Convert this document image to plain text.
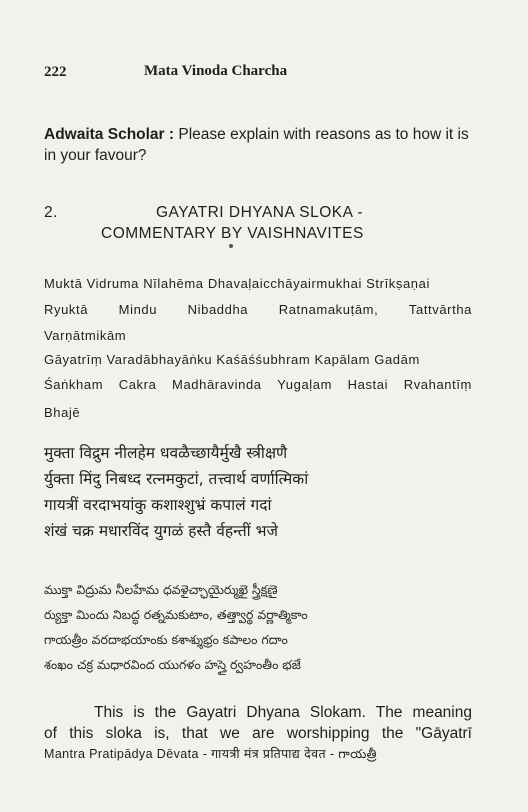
222	Mata Vinoda Charcha
Adwaita Scholar : Please explain with reasons as to how it is in your favour?
2.	GAYATRI DHYANA SLOKA -
COMMENTARY BY VAISHNAVITES
Muktā Vidruma Nīlahēma Dhavaḷaicchāyairmukhai Strīkṣaṇai
Ryuktā Mindu Nibaddha Ratnamakuṭām, Tattvārtha
Varṇātmikām
Gāyatrīṃ Varadābhayāṅku Kaśāśśubhram Kapālam Gadām
Śaṅkham Cakra Madhāravinda Yugaḷam Hastai Rvahantīṃ
Bhajē
मुक्ता विद्रुम नीलहेम धवळैच्छायैर्मुखै स्त्रीक्षणै
र्युक्ता मिंदु निबध्द रत्नमकुटां, तत्त्वार्थ वर्णात्मिकां
गायत्रीं वरदाभयांकु कशाश्शुभ्रं कपालं गदां
शंखं चक्र मधारविंद युगळं हस्तै र्वहन्तीं भजे
ముక్తా విద్రుమ నీలహేమ ధవళైచ్ఛాయైర్ముఖై స్త్రీక్షణై
ర్యుక్తా మిందు నిబద్ధ రత్నమకుటాం, తత్త్వార్థ వర్ణాత్మికాం
గాయత్రీం వరదాభయాంకు కశాశ్శుభ్రం కపాలం గదాం
శంఖం చక్ర మధారవింద యుగళం హస్తై ర్వహంతీం భజే
This is the Gayatri Dhyana Slokam. The meaning
of this sloka is, that we are worshipping the "Gāyatrī
Mantra Pratipādya Dēvata - गायत्री मंत्र प्रतिपाद्य देवत - గాయత్రీ
